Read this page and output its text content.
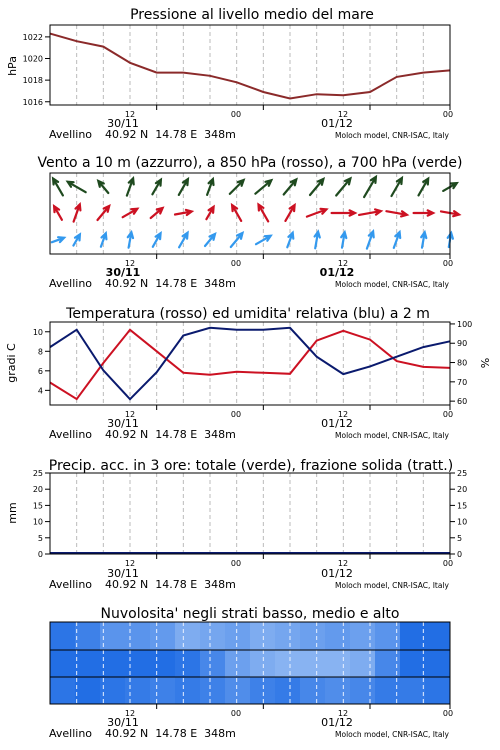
Pressione al livello medio del mare
hPa
1016
1018
1020
1022
12	00	12	00
30/11	01/12
Avellino 40.92 N  14.78 E  348m	Moloch model, CNR-ISAC, Italy
Vento a 10 m (azzurro), a 850 hPa (rosso), a 700 hPa (verde)
12	00	12	00
30/11	01/12
Avellino 40.92 N  14.78 E  348m	Moloch model, CNR-ISAC, Italy
Temperatura (rosso) ed umidita' relativa (blu) a 2 m
gradi C	%
4
6
8
10
60
70
80
90
100
12	00	12	00
30/11	01/12
Avellino 40.92 N  14.78 E  348m	Moloch model, CNR-ISAC, Italy
Precip. acc. in 3 ore: totale (verde), frazione solida (tratt.)
mm
0
5
10
15
20
25
0
5
10
15
20
25
12	00	12	00
30/11	01/12
Avellino 40.92 N  14.78 E  348m	Moloch model, CNR-ISAC, Italy
Nuvolosita' negli strati basso, medio e alto
12	00	12	00
30/11	01/12
Avellino 40.92 N  14.78 E  348m	Moloch model, CNR-ISAC, Italy
